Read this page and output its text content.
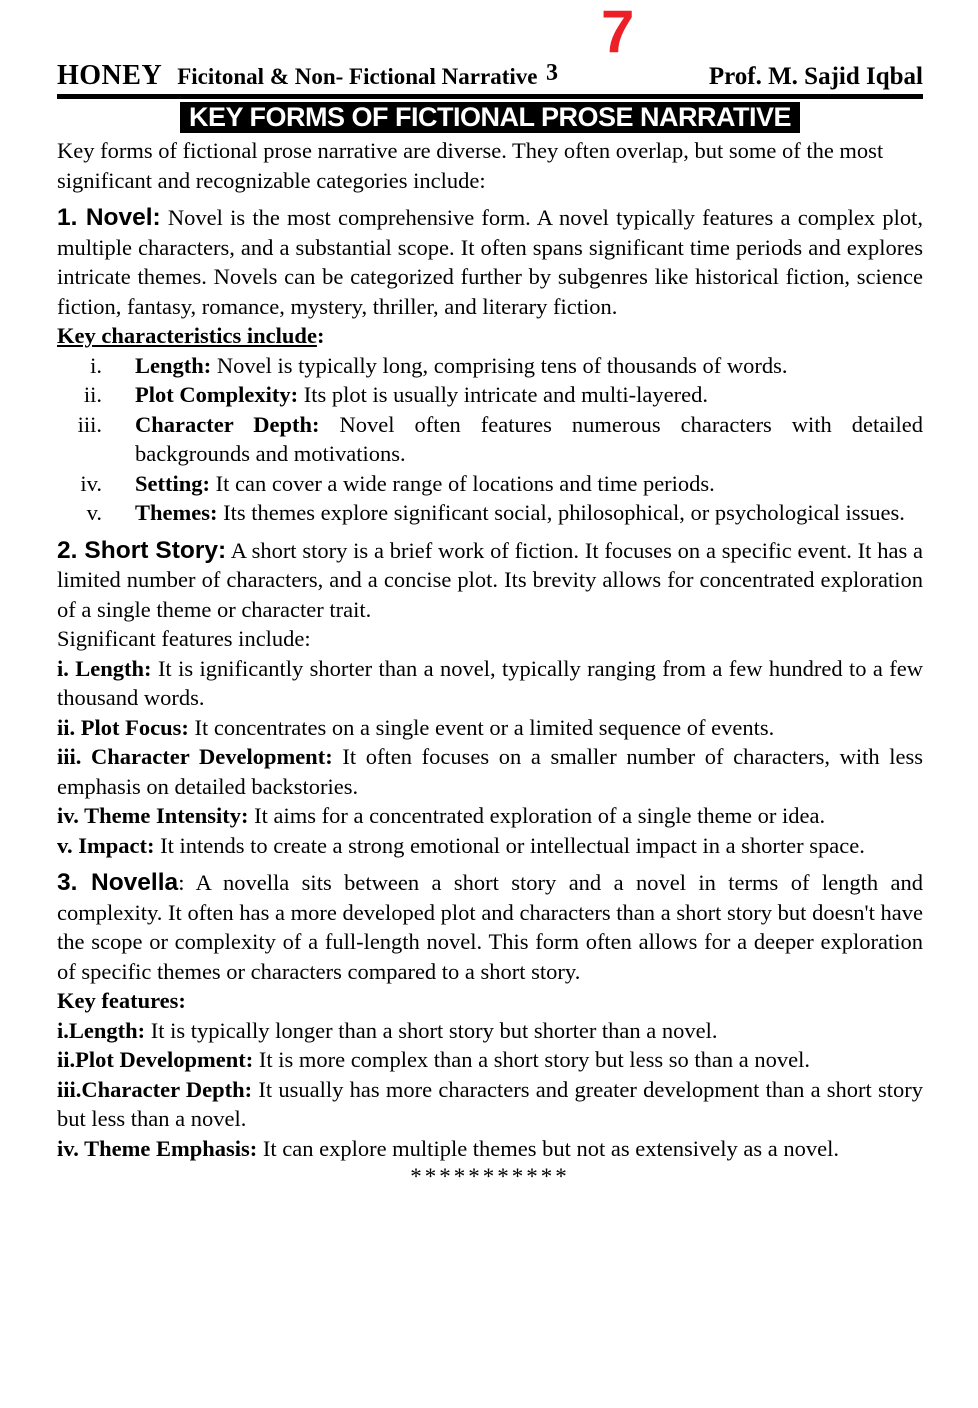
7
HONEY Ficitonal & Non- Fictional Narrative 3	Prof. M. Sajid Iqbal
KEY FORMS OF FICTIONAL PROSE NARRATIVE

Key forms of fictional prose narrative are diverse. They often overlap, but some of the most significant and recognizable categories include:

1. Novel: Novel is the most comprehensive form. A novel typically features a complex plot, multiple characters, and a substantial scope. It often spans significant time periods and explores intricate themes. Novels can be categorized further by subgenres like historical fiction, science fiction, fantasy, romance, mystery, thriller, and literary fiction.

Key characteristics include:

i. Length: Novel is typically long, comprising tens of thousands of words.
ii. Plot Complexity: Its plot is usually intricate and multi-layered.
iii. Character Depth: Novel often features numerous characters with detailed backgrounds and motivations.
iv. Setting: It can cover a wide range of locations and time periods.
v. Themes: Its themes explore significant social, philosophical, or psychological issues.

2. Short Story: A short story is a brief work of fiction. It focuses on a specific event. It has a limited number of characters, and a concise plot. Its brevity allows for concentrated exploration of a single theme or character trait.

Significant features include:

i. Length: It is ignificantly shorter than a novel, typically ranging from a few hundred to a few thousand words.

ii. Plot Focus: It concentrates on a single event or a limited sequence of events.

iii. Character Development: It often focuses on a smaller number of characters, with less emphasis on detailed backstories.

iv. Theme Intensity: It aims for a concentrated exploration of a single theme or idea.

v. Impact: It intends to create a strong emotional or intellectual impact in a shorter space.

3. Novella: A novella sits between a short story and a novel in terms of length and complexity. It often has a more developed plot and characters than a short story but doesn't have the scope or complexity of a full-length novel. This form often allows for a deeper exploration of specific themes or characters compared to a short story.

Key features:

i.Length: It is typically longer than a short story but shorter than a novel.

ii.Plot Development: It is more complex than a short story but less so than a novel.

iii.Character Depth: It usually has more characters and greater development than a short story but less than a novel.

iv. Theme Emphasis: It can explore multiple themes but not as extensively as a novel.

***********
